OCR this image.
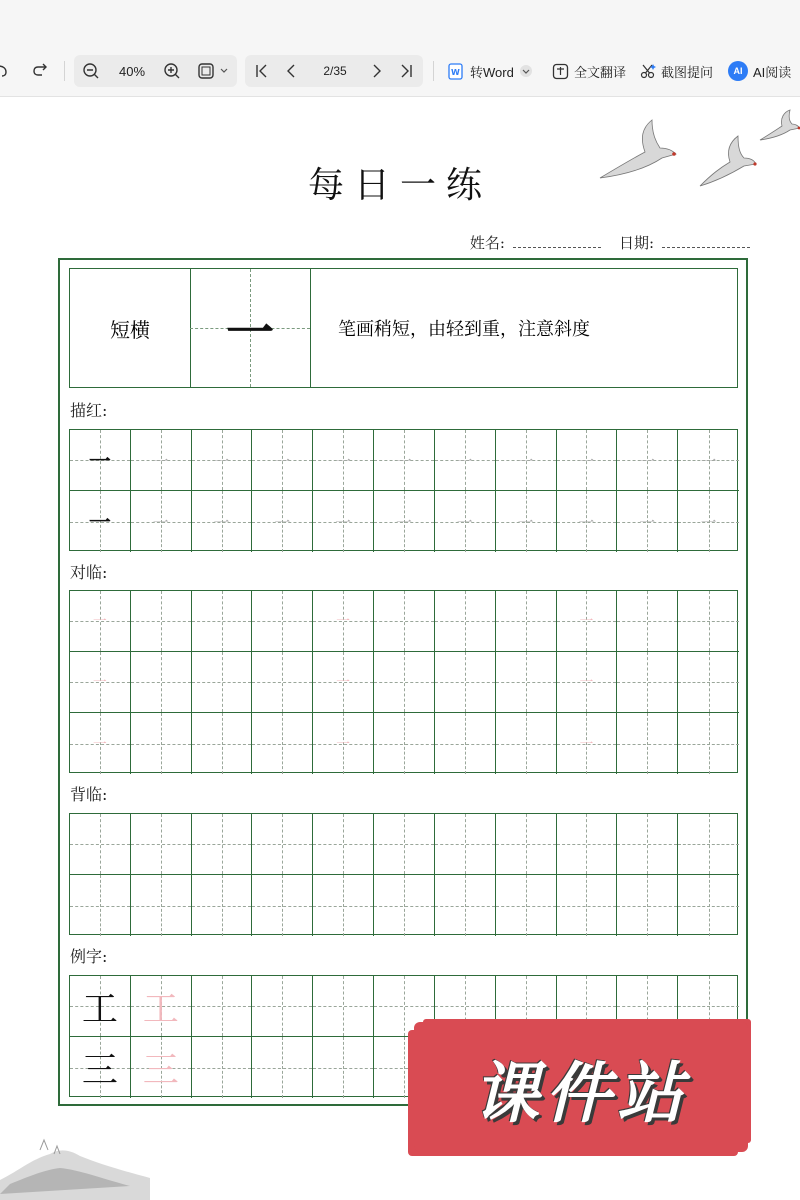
40%	2/35	W 转Word	全文翻译	截图提问	AI AI阅读
每日一练
姓名:	日期:
短横	一	笔画稍短，由轻到重，注意斜度
描红:
对临:
背临:
例字:
一	一	一	一	一	一	一	一	一	一	一
一	一	一	一	一	一	一	一	一	一	一
一	一	一
一	一	一
一	一	一
工 工
三 三	课件站
